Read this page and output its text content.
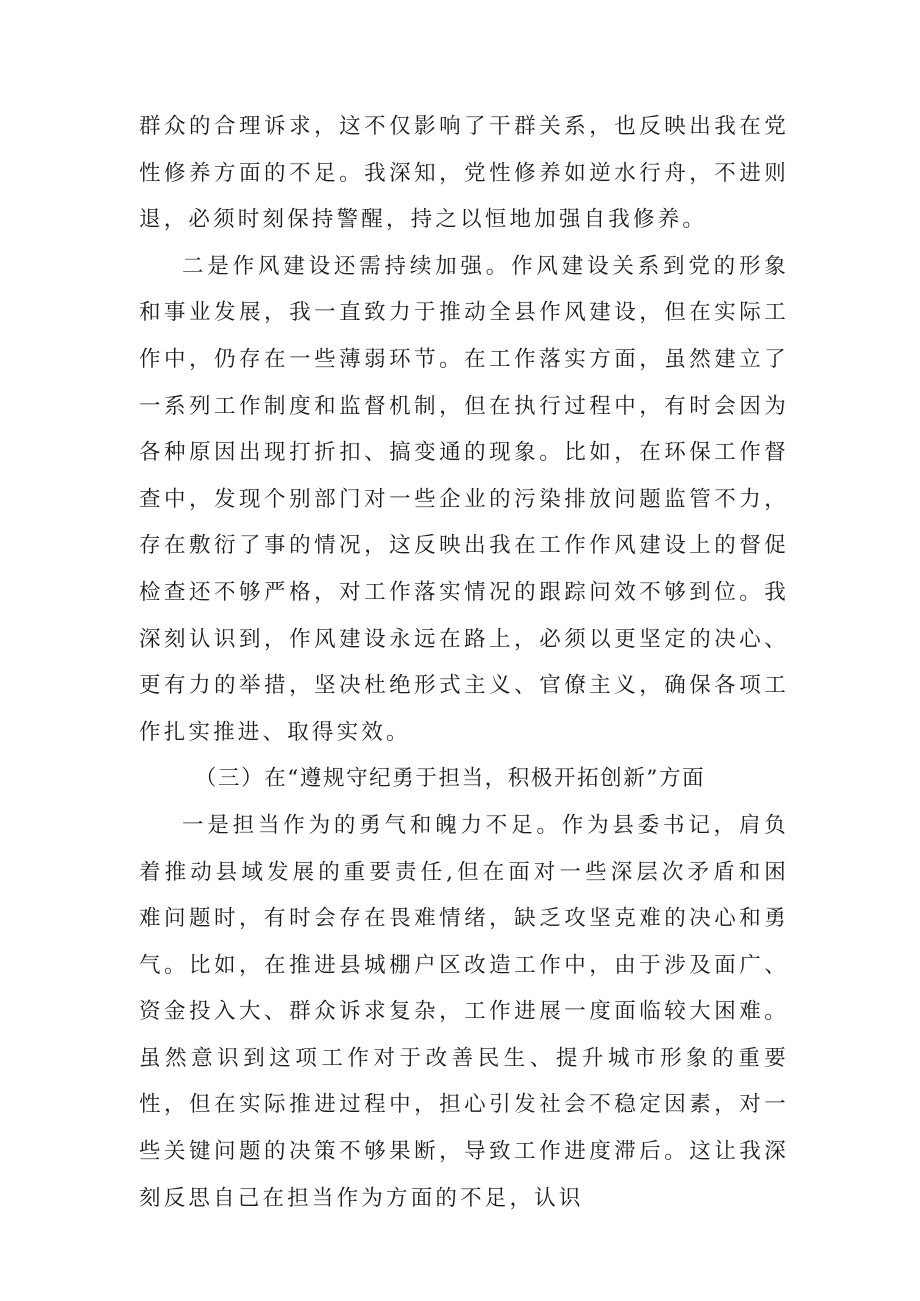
群众的合理诉求，这不仅影响了干群关系，也反映出我在党性修养方面的不足。我深知，党性修养如逆水行舟，不进则退，必须时刻保持警醒，持之以恒地加强自我修养。

二是作风建设还需持续加强。作风建设关系到党的形象和事业发展，我一直致力于推动全县作风建设，但在实际工作中，仍存在一些薄弱环节。在工作落实方面，虽然建立了一系列工作制度和监督机制，但在执行过程中，有时会因为各种原因出现打折扣、搞变通的现象。比如，在环保工作督查中，发现个别部门对一些企业的污染排放问题监管不力，存在敷衍了事的情况，这反映出我在工作作风建设上的督促检查还不够严格，对工作落实情况的跟踪问效不够到位。我深刻认识到，作风建设永远在路上，必须以更坚定的决心、更有力的举措，坚决杜绝形式主义、官僚主义，确保各项工作扎实推进、取得实效。

（三）在“遵规守纪勇于担当，积极开拓创新”方面

一是担当作为的勇气和魄力不足。作为县委书记，肩负着推动县域发展的重要责任,但在面对一些深层次矛盾和困难问题时，有时会存在畏难情绪，缺乏攻坚克难的决心和勇气。比如，在推进县城棚户区改造工作中，由于涉及面广、资金投入大、群众诉求复杂，工作进展一度面临较大困难。虽然意识到这项工作对于改善民生、提升城市形象的重要性，但在实际推进过程中，担心引发社会不稳定因素，对一些关键问题的决策不够果断，导致工作进度滞后。这让我深刻反思自己在担当作为方面的不足，认识
